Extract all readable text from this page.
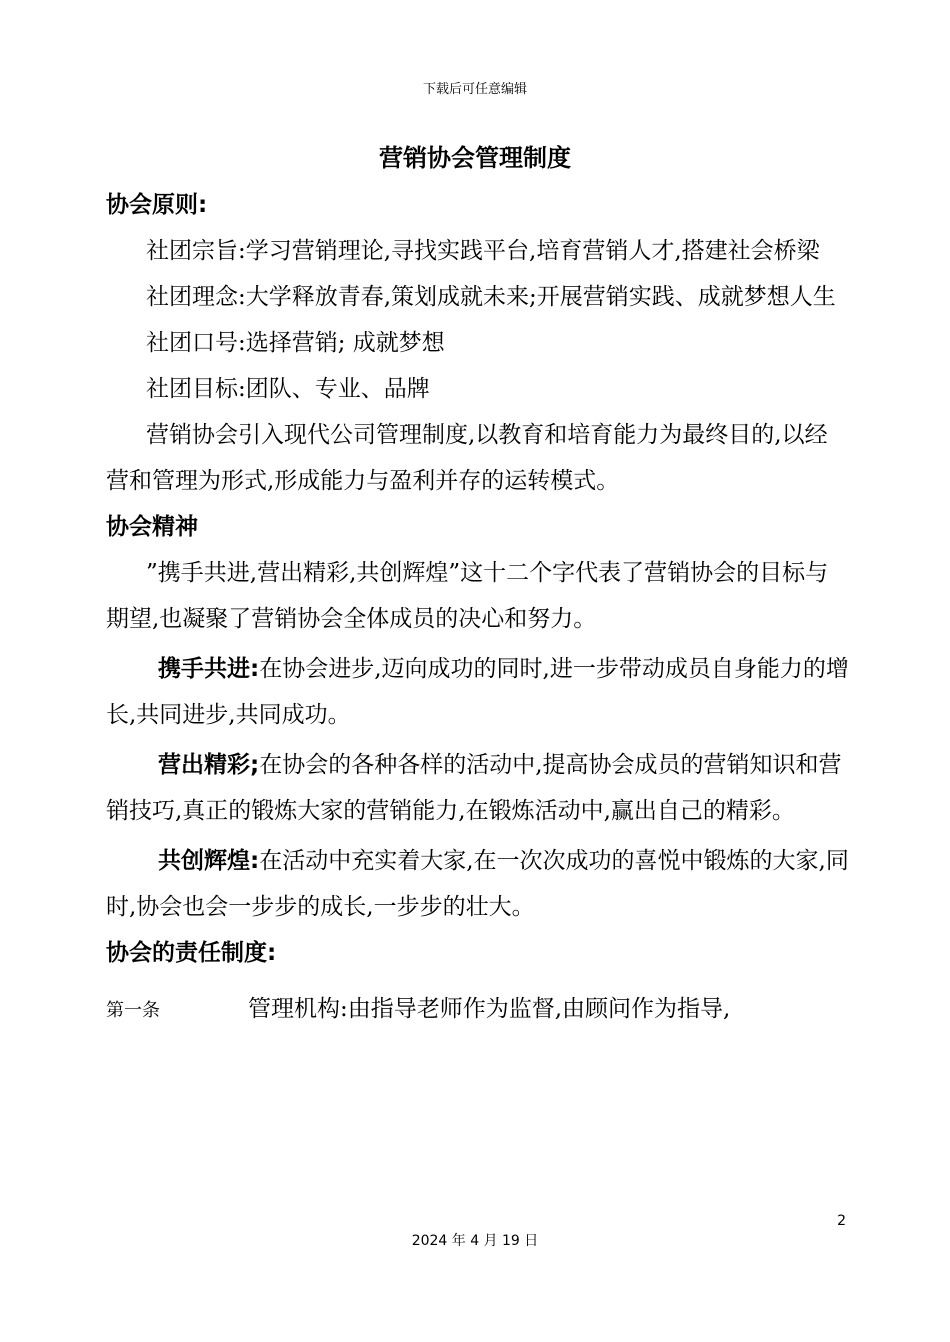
下载后可任意编辑
营销协会管理制度
协会原则:
社团宗旨:学习营销理论,寻找实践平台,培育营销人才,搭建社会桥梁
社团理念:大学释放青春,策划成就未来;开展营销实践、成就梦想人生
社团口号:选择营销; 成就梦想
社团目标:团队、专业、品牌
营销协会引入现代公司管理制度,以教育和培育能力为最终目的,以经营和管理为形式,形成能力与盈利并存的运转模式。
协会精神
”携手共进,营出精彩,共创辉煌”这十二个字代表了营销协会的目标与期望,也凝聚了营销协会全体成员的决心和努力。
携手共进:在协会进步,迈向成功的同时,进一步带动成员自身能力的增长,共同进步,共同成功。
营出精彩;在协会的各种各样的活动中,提高协会成员的营销知识和营销技巧,真正的锻炼大家的营销能力,在锻炼活动中,赢出自己的精彩。
共创辉煌:在活动中充实着大家,在一次次成功的喜悦中锻炼的大家,同时,协会也会一步步的成长,一步步的壮大。
协会的责任制度:
第一条	管理机构:由指导老师作为监督,由顾问作为指导,
2
2024 年 4 月 19 日
